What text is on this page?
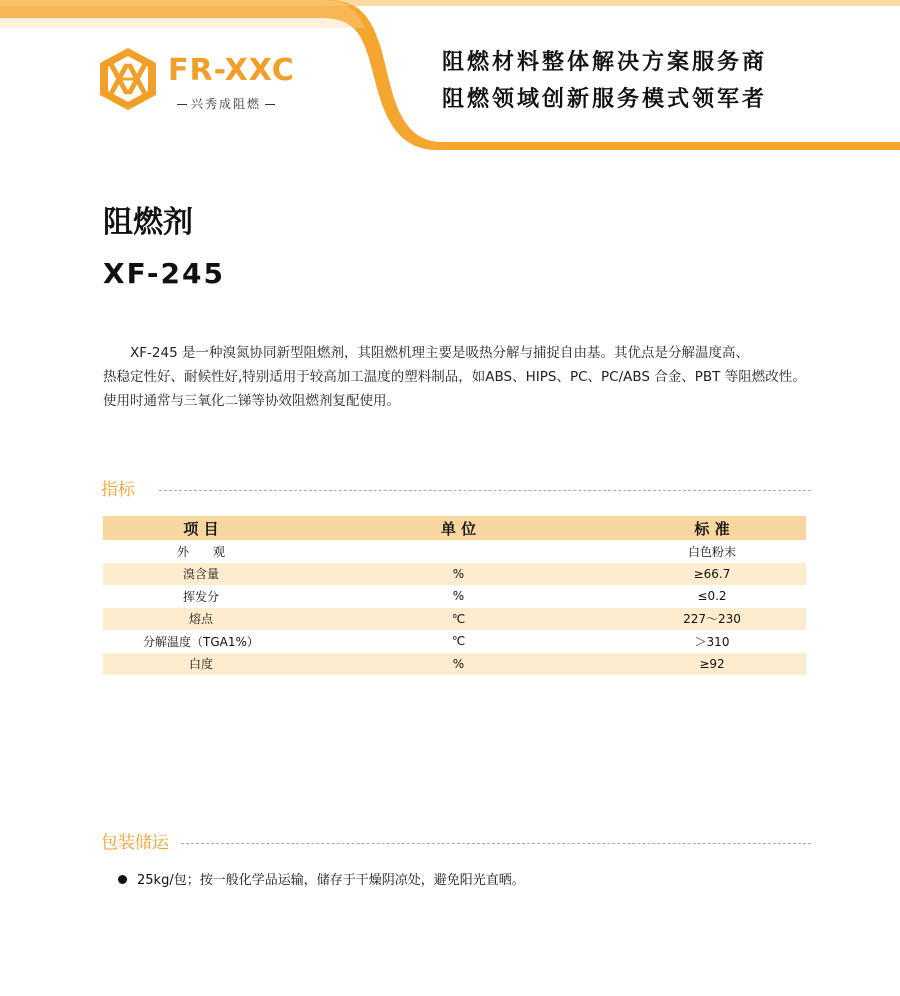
FR-XXC
兴秀成阻燃
阻燃材料整体解决方案服务商
阻燃领域创新服务模式领军者
阻燃剂
XF-245

XF-245 是一种溴氮协同新型阻燃剂，其阻燃机理主要是吸热分解与捕捉自由基。其优点是分解温度高、

热稳定性好、耐候性好,特别适用于较高加工温度的塑料制品，如ABS、HIPS、PC、PC/ABS 合金、PBT 等阻燃改性。

使用时通常与三氧化二锑等协效阻燃剂复配使用。

指标
项 目	单 位	标 准
外　　观		白色粉末
溴含量	%	≥66.7
挥发分	%	≤0.2
熔点	℃	227～230
分解温度（TGA1%）	℃	＞310
白度	%	≥92
包装储运
25kg/包；按一般化学品运输，储存于干燥阴凉处，避免阳光直晒。
